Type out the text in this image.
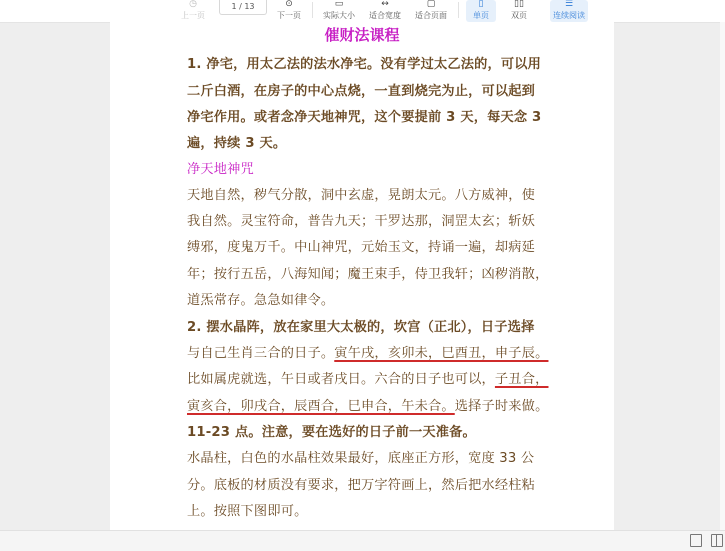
◷
上一页
1 / 13	⊙
下一页
▭
实际大小
↔
适合宽度
▢
适合页面
▯
单页
▯▯
双页
☰
连续阅读
催财法课程
1. 净宅，用太乙法的法水净宅。没有学过太乙法的，可以用
二斤白酒，在房子的中心点烧，一直到烧完为止，可以起到
净宅作用。或者念净天地神咒，这个要提前 3 天，每天念 3
遍，持续 3 天。
净天地神咒
天地自然，秽气分散，洞中玄虚，晃朗太元。八方威神，使
我自然。灵宝符命，普告九天；干罗达那，洞罡太玄；斩妖
缚邪，度鬼万千。中山神咒，元始玉文，持诵一遍，却病延
年；按行五岳，八海知闻；魔王束手，侍卫我轩；凶秽消散，
道炁常存。急急如律令。
2. 摆水晶阵，放在家里大太极的，坎宫（正北），日子选择
与自己生肖三合的日子。寅午戌，亥卯未，巳酉丑，申子辰。
比如属虎就选，午日或者戌日。六合的日子也可以，子丑合，
寅亥合，卯戌合，辰酉合，巳申合，午未合。选择子时来做。
11-23 点。注意，要在选好的日子前一天准备。
水晶柱，白色的水晶柱效果最好，底座正方形，宽度 33 公
分。底板的材质没有要求，把万字符画上，然后把水经柱粘
上。按照下图即可。
